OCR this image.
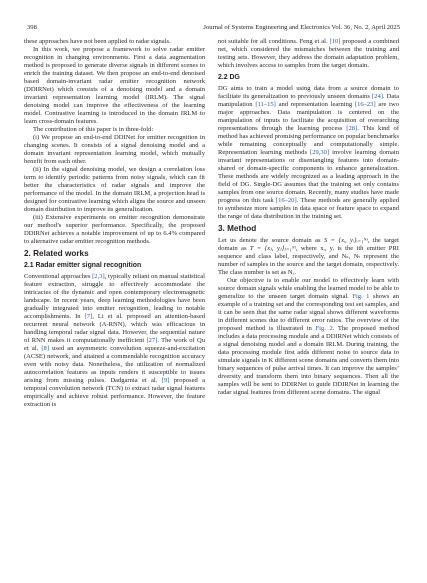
398	Journal of Systems Engineering and Electronics Vol. 36, No. 2, April 2025

these approaches have not been applied to radar signals.

In this work, we propose a framework to solve radar emitter recognition in changing environments. First a data augmentation method is proposed to generate diverse signals in different scenes to enrich the training dataset. We then propose an end-to-end denoised based domain-invariant radar emitter recognition network (DDIRNet) which consists of a denoising model and a domain invariant representation learning model (IRLM). The signal denoising model can improve the effectiveness of the learning model. Contrastive learning is introduced in the domain IRLM to learn cross-domain features.

The contribution of this paper is in three-fold:

(i) We propose an end-to-end DDINet for emitter recognition in changing scenes. It consists of a signal denoising model and a domain invariant representation learning model, which mutually benefit from each other.

(ii) In the signal denoising model, we design a correlation loss term to identify periodic patterns from noisy signals, which can fit better the characteristics of radar signals and improve the performance of the model. In the domain IRLM, a projection head is designed for contrastive learning which aligns the source and unseen domain distribution to improve its generalization.

(iii) Extensive experiments on emitter recognition demonstrate our method’s superior performance. Specifically, the proposed DDIRNet achieves a notable improvement of up to 6.4% compared to alternative radar emitter recognition methods.

2. Related works
2.1 Radar emitter signal recognition

Conventional approaches [2,3], typically reliant on manual statistical feature extraction, struggle to effectively accommodate the intricacies of the dynamic and open contemporary electromagnetic landscape. In recent years, deep learning methodologies have been gradually integrated into emitter recognition, leading to notable accomplishments. In [7], Li et al. proposed an attention-based recurrent neural network (A-RNN), which was efficacious in handling temporal radar signal data. However, the sequential nature of RNN makes it computationally inefficient [27]. The work of Qu et al. [8] used an asymmetric convolution squeeze-and-excitation (ACSE) network, and attained a commendable recognition accuracy even with noisy data. Nonetheless, the utilization of normalized autocorrelation features as inputs renders it susceptible to issues arising from missing pulses. Dadgarnia et al. [9] proposed a temporal convolution network (TCN) to extract radar signal features empirically and achieve robust performance. However, the feature extraction is

not suitable for all conditions. Feng et al. [10] proposed a combined net, which considered the mismatches between the training and testing sets. However, they address the domain adaptation problem, which involves access to samples from the target domain.

2.2 DG

DG aims to train a model using data from a source domain to facilitate its generalization to previously unseen domains [24]. Data manipulation [11–15] and representation learning [16–23] are two major approaches. Data manipulation is centered on the manipulation of inputs to facilitate the acquisition of overarching representations through the learning process [28]. This kind of method has achieved promising performance on popular benchmarks while remaining conceptually and computationally simple. Representation learning methods [29,30] involve learning domain invariant representations or disentangling features into domain-shared or domain-specific components to enhance generalization. These methods are widely recognized as a leading approach in the field of DG. Single-DG assumes that the training set only contains samples from one source domain. Recently, many studies have made progress on this task [16–20]. These methods are generally applied to synthesize more samples in data space or feature space to expand the range of data distribution in the training set.

3. Method

Let us denote the source domain as S = {xᵢ, yᵢ}ᵢ₌₁ᴺˢ, the target domain as T = {xⱼ, yⱼ}ⱼ₌₁ᴺᵗ, where xᵢ, yᵢ is the ith emitter PRI sequence and class label, respectively, and Nₛ, Nₜ represent the number of samples in the source and the target domain, respectively. The class number is set as N꜀.

Our objective is to enable our model to effectively learn with source domain signals while enabling the learned model to be able to generalize to the unseen target domain signal. Fig. 1 shows an example of a training set and the corresponding test set samples, and it can be seen that the same radar signal shows different waveforms in different scenes due to different error ratios. The overview of the proposed method is illustrated in Fig. 2. The proposed method includes a data processing module and a DDIRNet which consists of a signal denoising model and a domain IRLM. During training, the data processing module first adds different noise to source data to simulate signals in K different scene domains and converts them into binary sequences of pulse arrival times. It can improve the samples’ diversity and transform them into binary sequences. Then all the samples will be sent to DDIRNet to guide DDIRNet in learning the radar signal features from different scene domains. The signal
